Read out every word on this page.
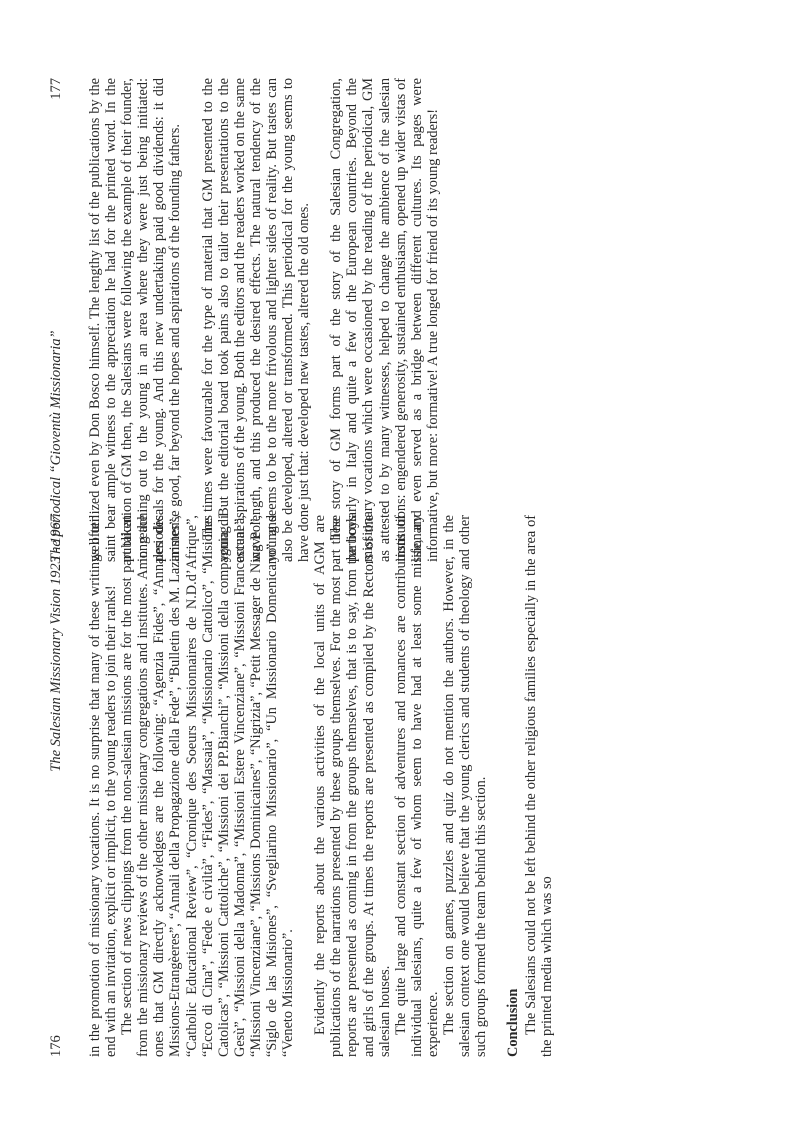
176
The Salesian Missionary Vision 1923 - 1967 in the promotion of missionary vocations. It is no surprise that many of these writings often end with an invitation, explicit or implicit, to the young readers to join their ranks! The section of news clippings from the non-salesian missions are for the most part taken from the missionary reviews of the other missionary congregations and institutes. Among the ones that GM directly acknowledges are the following: “Agenzia Fides”, “Annales des Missions-Etrangèeres”, “Annali della Propagazione della Fede”, “Bulletin des M. Lazaristes”, “Catholic Educational Review”, “Cronique des Soeurs Missionnaires de N.D.d’Afrique”, “Ecco di Cina”, “Fede e civiltà”, “Fides”, “Massaia”, “Missionario Cattolico”, “Misiones Catolicas”, “Missioni Cattoliche”, “Missioni dei PP.Bianchi”, “Missioni della compagnia di Gesù”, “Missioni della Madonna”, “Missioni Estere Vincenziane”, “Missioni Francescane”, “Missioni Vincenziane”, “Missions Dominicaines”, “Nigrizia”, “Petit Messager de Ning Po”, “Siglo de las Misiones”, “Svegliarino Missionario”, “Un Missionario Domenicano” and “Veneto Missionario”. Evidently the reports about the various activities of the local units of AGM are publications of the narrations presented by these groups themselves. For the most part these reports are presented as coming in from the groups themselves, that is to say, from the boys and girls of the groups. At times the reports are presented as compiled by the Rectors of the salesian houses. The quite large and constant section of adventures and romances are contributions of individual salesians, quite a few of whom seem to have had at least some missionary experience. The section on games, puzzles and quiz do not mention the authors. However, in the salesian context one would believe that the young clerics and students of theology and other such groups formed the team behind this section. Conclusion The Salesians could not be left behind the other religious families especially in the area of the printed media which was so

The periodical “Gioventù Missionaria”
177 well utilized even by Don Bosco himself. The lengthy list of the publications by the saint bear ample witness to the appreciation he had for the printed word. In the publication of GM then, the Salesians were following the example of their founder, in reaching out to the young in an area where they were just being initiated: periodicals for the young. And this new undertaking paid good dividends: it did immense good, far beyond the hopes and aspirations of the founding fathers. The times were favourable for the type of material that GM presented to the young. But the editorial board took pains also to tailor their presentations to the actual aspirations of the young. Both the editors and the readers worked on the same wave length, and this produced the desired effects. The natural tendency of the young seems to be to the more frivolous and lighter sides of reality. But tastes can also be developed, altered or transformed. This periodical for the young seems to have done just that: developed new tastes, altered the old ones. The story of GM forms part of the story of the Salesian Congregation, particularly in Italy and quite a few of the European countries. Beyond the missionary vocations which were occasioned by the reading of the periodical, GM as attested to by many witnesses, helped to change the ambience of the salesian institutions: engendered generosity, sustained enthusiasm, opened up wider vistas of life, and even served as a bridge between different cultures. Its pages were informative, but more: formative! A true longed for friend of its young readers!
